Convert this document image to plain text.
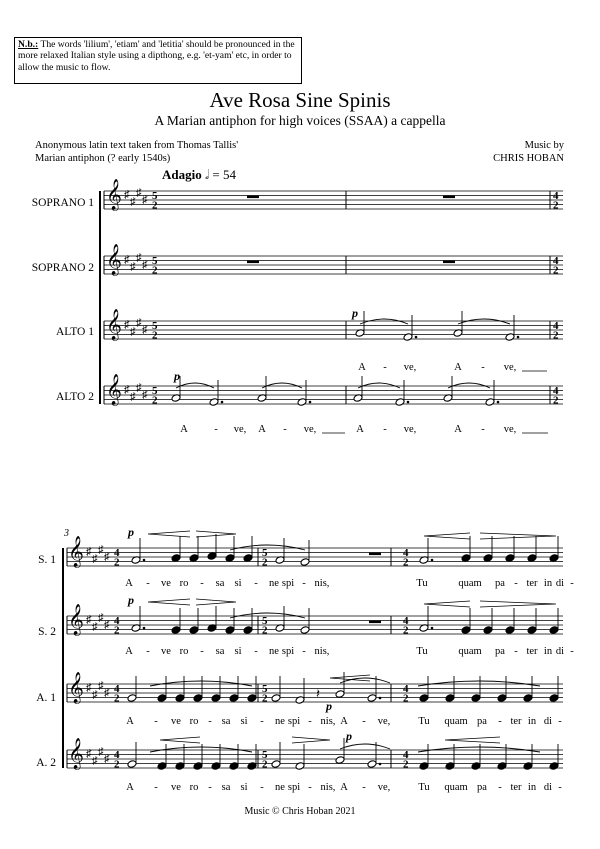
N.b.: The words 'lilium', 'etiam' and 'letitia' should be pronounced in the more relaxed Italian style using a dipthong, e.g. 'et-yam' etc, in order to allow the music to flow.
Ave Rosa Sine Spinis
A Marian antiphon for high voices (SSAA) a cappella
Anonymous latin text taken from Thomas Tallis'
Marian antiphon (? early 1540s)
Music by
CHRIS HOBAN
Adagio 𝅗𝅥 = 54
SOPRANO 1
SOPRANO 2
ALTO 1
ALTO 2
S. 1
S. 2
A. 1
A. 2
Music © Chris Hoban 2021
𝄞 ♯
♯
♯
♯ 5
2
4
2
𝄞 ♯
♯
♯
♯ 5
2
4
2
𝄞 ♯
♯
♯
♯ 5
2
4
2
𝄞 ♯
♯
♯
♯ 5
2
4
2
p
A - ve,	A - ve,
p
A	- ve, A - ve,	A - ve,	A - ve,
3
𝄞 ♯
♯
♯
♯ 4
2
5
2
4
2
𝄞 ♯
♯
♯
♯ 4
2
5
2
4
2
𝄞 ♯
♯
♯
♯ 4
2
5
2
4
2
𝄞 ♯
♯
♯
♯ 4
2
5
2
4
2
p
A - ve ro - sa si - ne spi - nis,	Tu	quam pa - ter in di -
p
A - ve ro - sa si - ne spi - nis,	Tu	quam pa - ter in di -
𝄽
p
A - ve ro - sa si - ne spi - nis, A - ve,	Tu quam pa - ter in di -
p
A - ve ro - sa si - ne spi - nis, A - ve,	Tu quam pa - ter in di -
